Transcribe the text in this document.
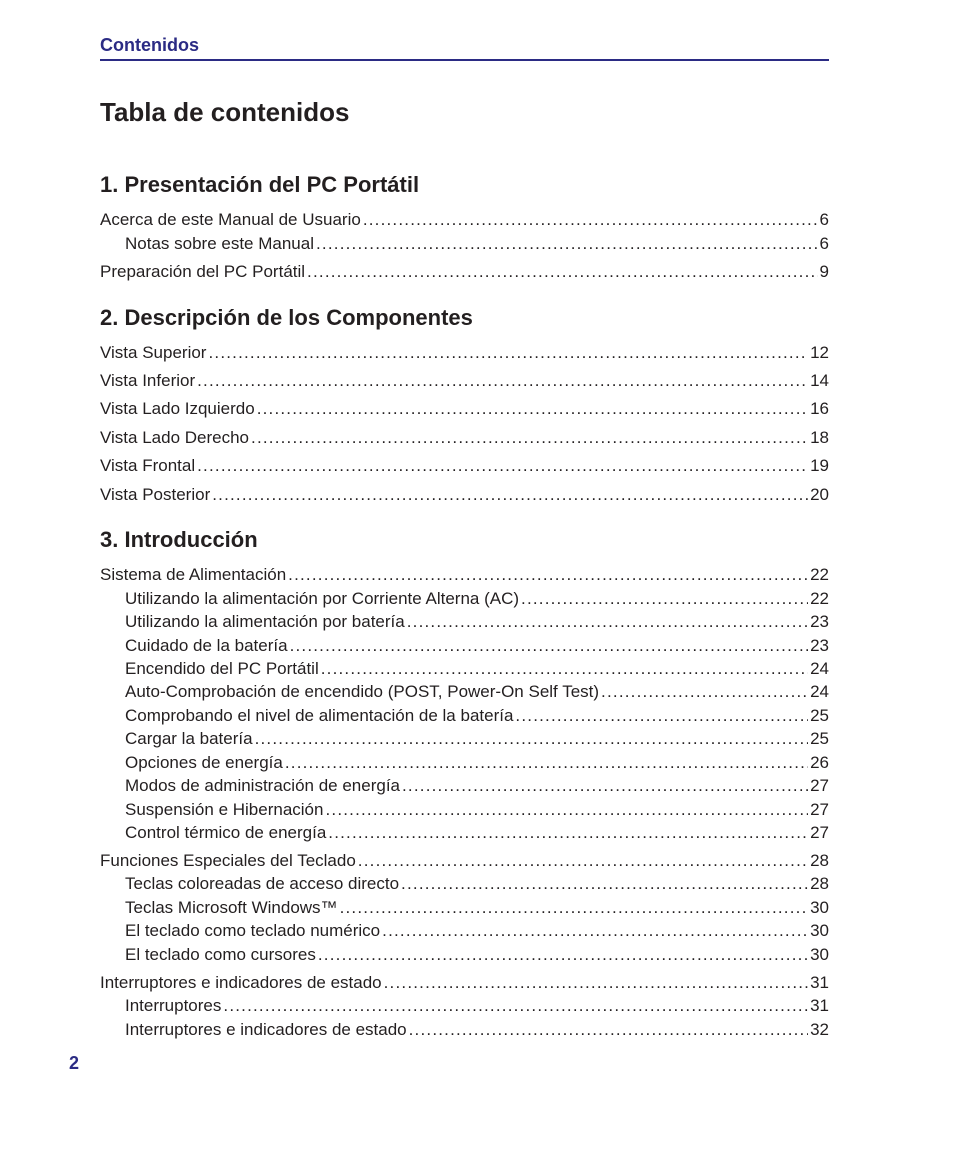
Contenidos
Tabla de contenidos
1. Presentación del PC Portátil
Acerca de este Manual de Usuario .....	6
Notas sobre este Manual .....	6
Preparación del PC Portátil .....	9
2. Descripción de los Componentes
Vista Superior .....	12
Vista Inferior .....	14
Vista Lado Izquierdo .....	16
Vista Lado Derecho .....	18
Vista Frontal .....	19
Vista Posterior .....	20
3. Introducción
Sistema de Alimentación .....	22
Utilizando la alimentación por Corriente Alterna (AC) .....	22
Utilizando la alimentación por batería .....	23
Cuidado de la batería .....	23
Encendido del PC Portátil .....	24
Auto-Comprobación de encendido (POST, Power-On Self Test) .....	24
Comprobando el nivel de alimentación de la batería .....	25
Cargar la batería .....	25
Opciones de energía .....	26
Modos de administración de energía .....	27
Suspensión e Hibernación .....	27
Control térmico de energía .....	27
Funciones Especiales del Teclado .....	28
Teclas coloreadas de acceso directo .....	28
Teclas Microsoft Windows™ .....	30
El teclado como teclado numérico .....	30
El teclado como cursores .....	30
Interruptores e indicadores de estado .....	31
Interruptores .....	31
Interruptores e indicadores de estado .....	32
2
